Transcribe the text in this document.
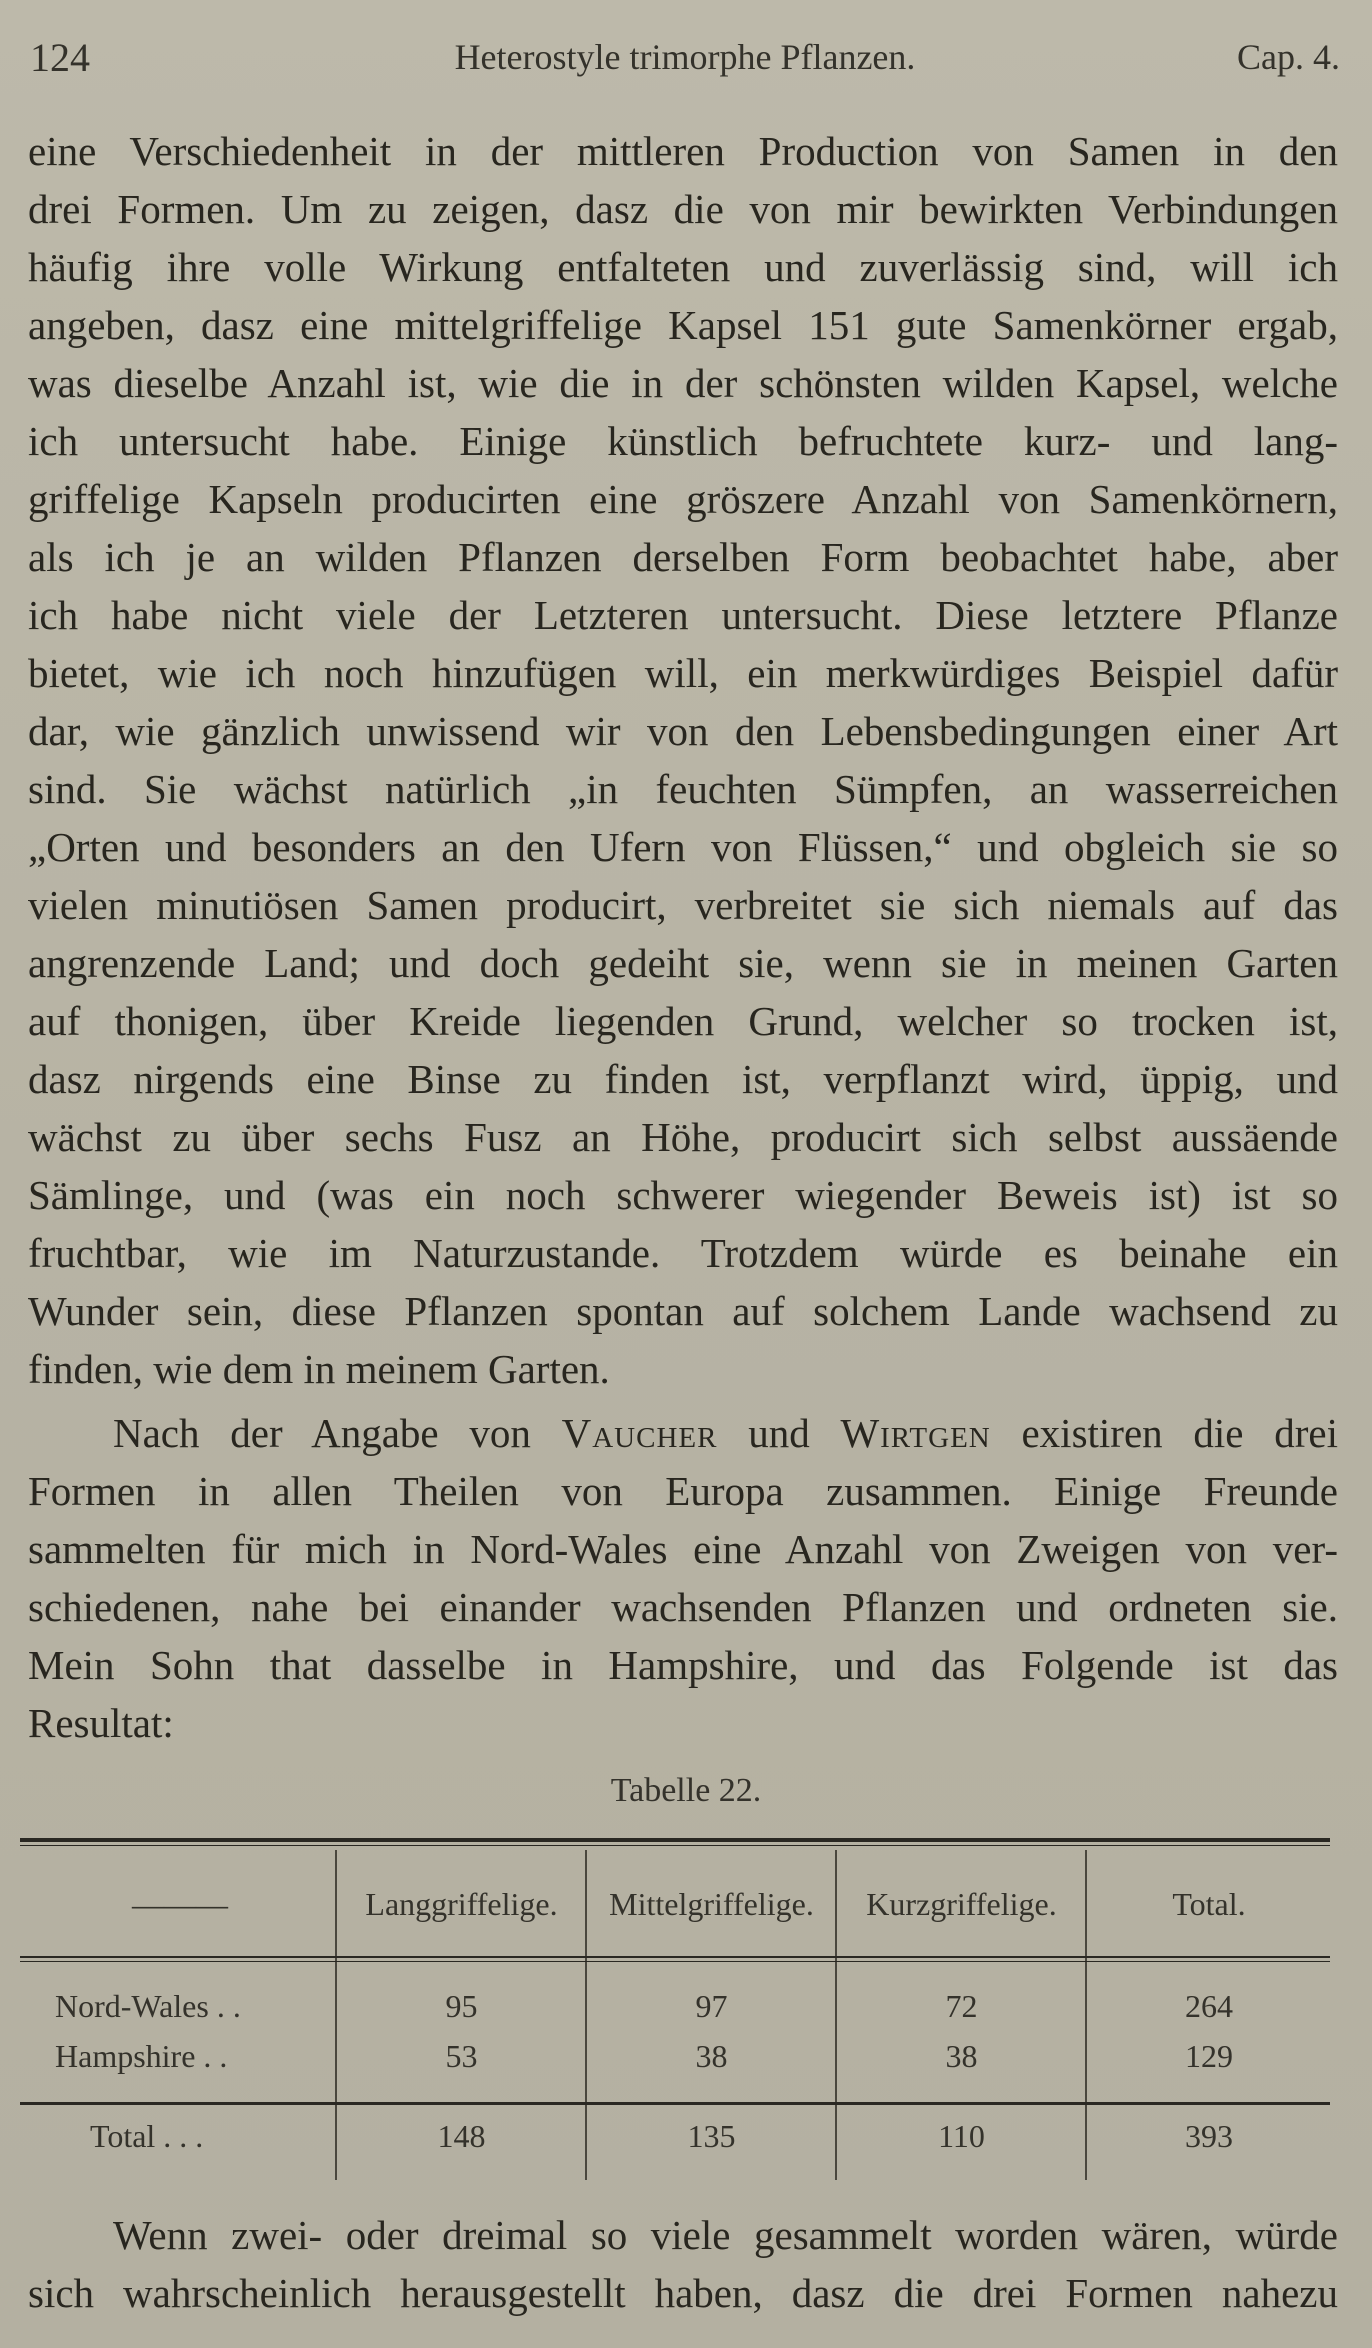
124	Heterostyle trimorphe Pflanzen.	Cap. 4.
eine Verschiedenheit in der mittleren Production von Samen in den
drei Formen. Um zu zeigen, dasz die von mir bewirkten Verbindungen
häufig ihre volle Wirkung entfalteten und zuverlässig sind, will ich
angeben, dasz eine mittelgriffelige Kapsel 151 gute Samenkörner ergab,
was dieselbe Anzahl ist, wie die in der schönsten wilden Kapsel, welche
ich untersucht habe. Einige künstlich befruchtete kurz- und lang-
griffelige Kapseln producirten eine gröszere Anzahl von Samenkörnern,
als ich je an wilden Pflanzen derselben Form beobachtet habe, aber
ich habe nicht viele der Letzteren untersucht. Diese letztere Pflanze
bietet, wie ich noch hinzufügen will, ein merkwürdiges Beispiel dafür
dar, wie gänzlich unwissend wir von den Lebensbedingungen einer Art
sind. Sie wächst natürlich „in feuchten Sümpfen, an wasserreichen
„Orten und besonders an den Ufern von Flüssen,“ und obgleich sie so
vielen minutiösen Samen producirt, verbreitet sie sich niemals auf das
angrenzende Land; und doch gedeiht sie, wenn sie in meinen Garten
auf thonigen, über Kreide liegenden Grund, welcher so trocken ist,
dasz nirgends eine Binse zu finden ist, verpflanzt wird, üppig, und
wächst zu über sechs Fusz an Höhe, producirt sich selbst aussäende
Sämlinge, und (was ein noch schwerer wiegender Beweis ist) ist so
fruchtbar, wie im Naturzustande. Trotzdem würde es beinahe ein
Wunder sein, diese Pflanzen spontan auf solchem Lande wachsend zu
finden, wie dem in meinem Garten.
Nach der Angabe von Vaucher und Wirtgen existiren die drei
Formen in allen Theilen von Europa zusammen. Einige Freunde
sammelten für mich in Nord-Wales eine Anzahl von Zweigen von ver-
schiedenen, nahe bei einander wachsenden Pflanzen und ordneten sie.
Mein Sohn that dasselbe in Hampshire, und das Folgende ist das
Resultat:
Tabelle 22.
———	Langgriffelige.	Mittelgriffelige.	Kurzgriffelige.	Total.
Nord-Wales . .	95	97	72	264
Hampshire . .	53	38	38	129
Total . . .	148	135	110	393
Wenn zwei- oder dreimal so viele gesammelt worden wären, würde
sich wahrscheinlich herausgestellt haben, dasz die drei Formen nahezu
